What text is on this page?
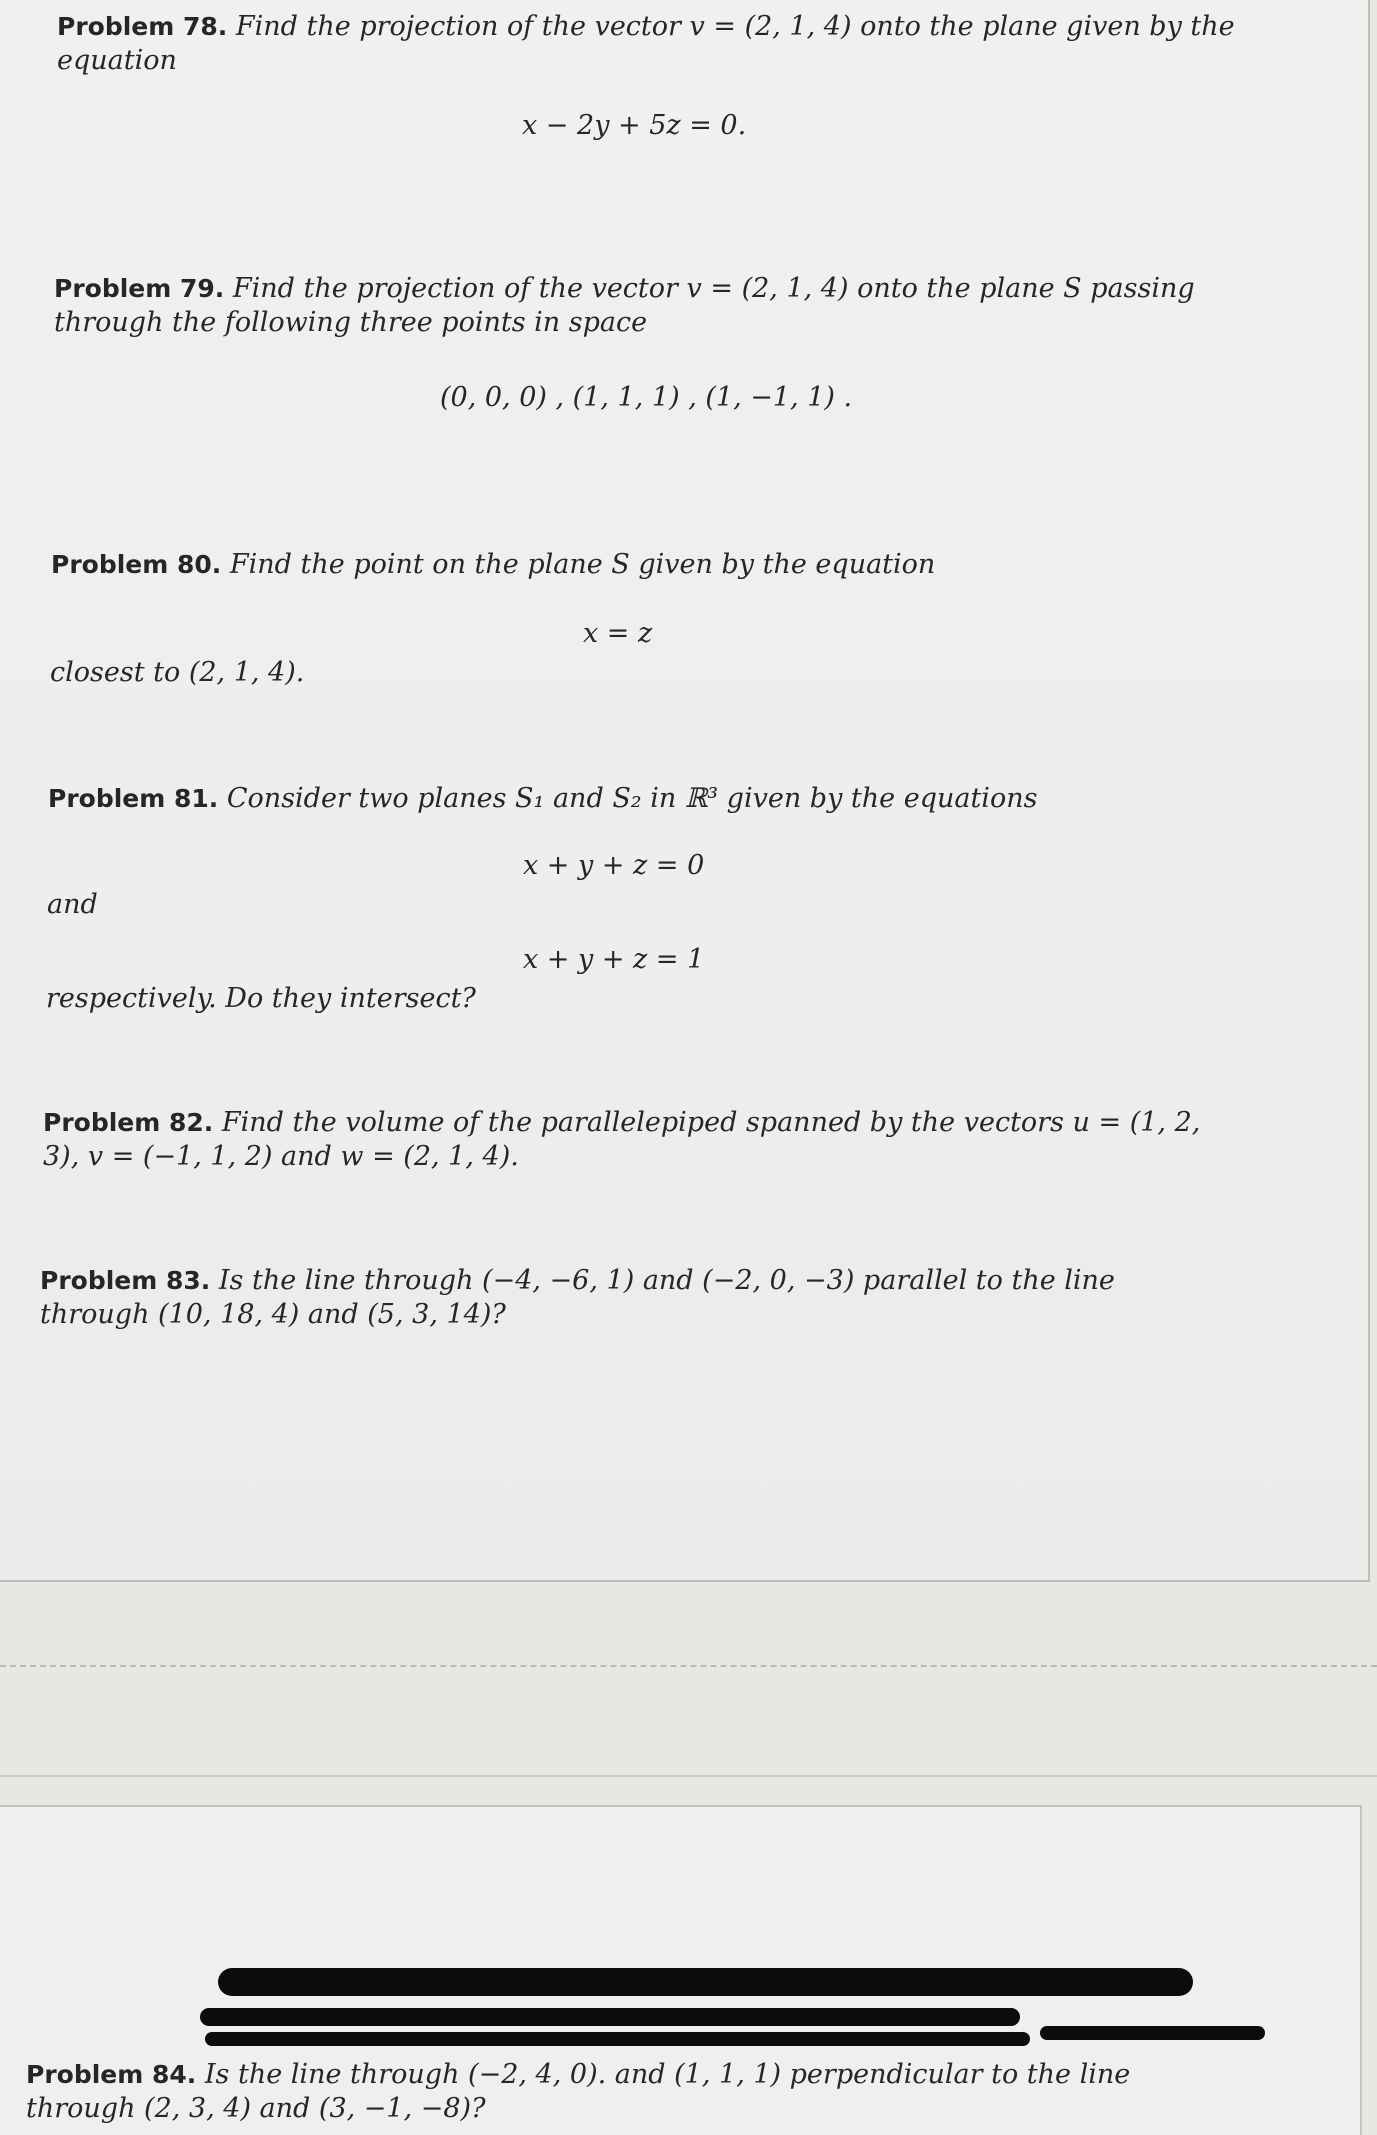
Problem 78. Find the projection of the vector v = (2, 1, 4) onto the plane given by the equation
x − 2y + 5z = 0.
Problem 79. Find the projection of the vector v = (2, 1, 4) onto the plane S passing through the following three points in space
(0, 0, 0) , (1, 1, 1) , (1, −1, 1) .
Problem 80. Find the point on the plane S given by the equation
x = z
closest to (2, 1, 4).
Problem 81. Consider two planes S₁ and S₂ in ℝ³ given by the equations
x + y + z = 0
and
x + y + z = 1
respectively. Do they intersect?
Problem 82. Find the volume of the parallelepiped spanned by the vectors u = (1, 2, 3), v = (−1, 1, 2) and w = (2, 1, 4).
Problem 83. Is the line through (−4, −6, 1) and (−2, 0, −3) parallel to the line through (10, 18, 4) and (5, 3, 14)?
Problem 84. Is the line through (−2, 4, 0). and (1, 1, 1) perpendicular to the line through (2, 3, 4) and (3, −1, −8)?
